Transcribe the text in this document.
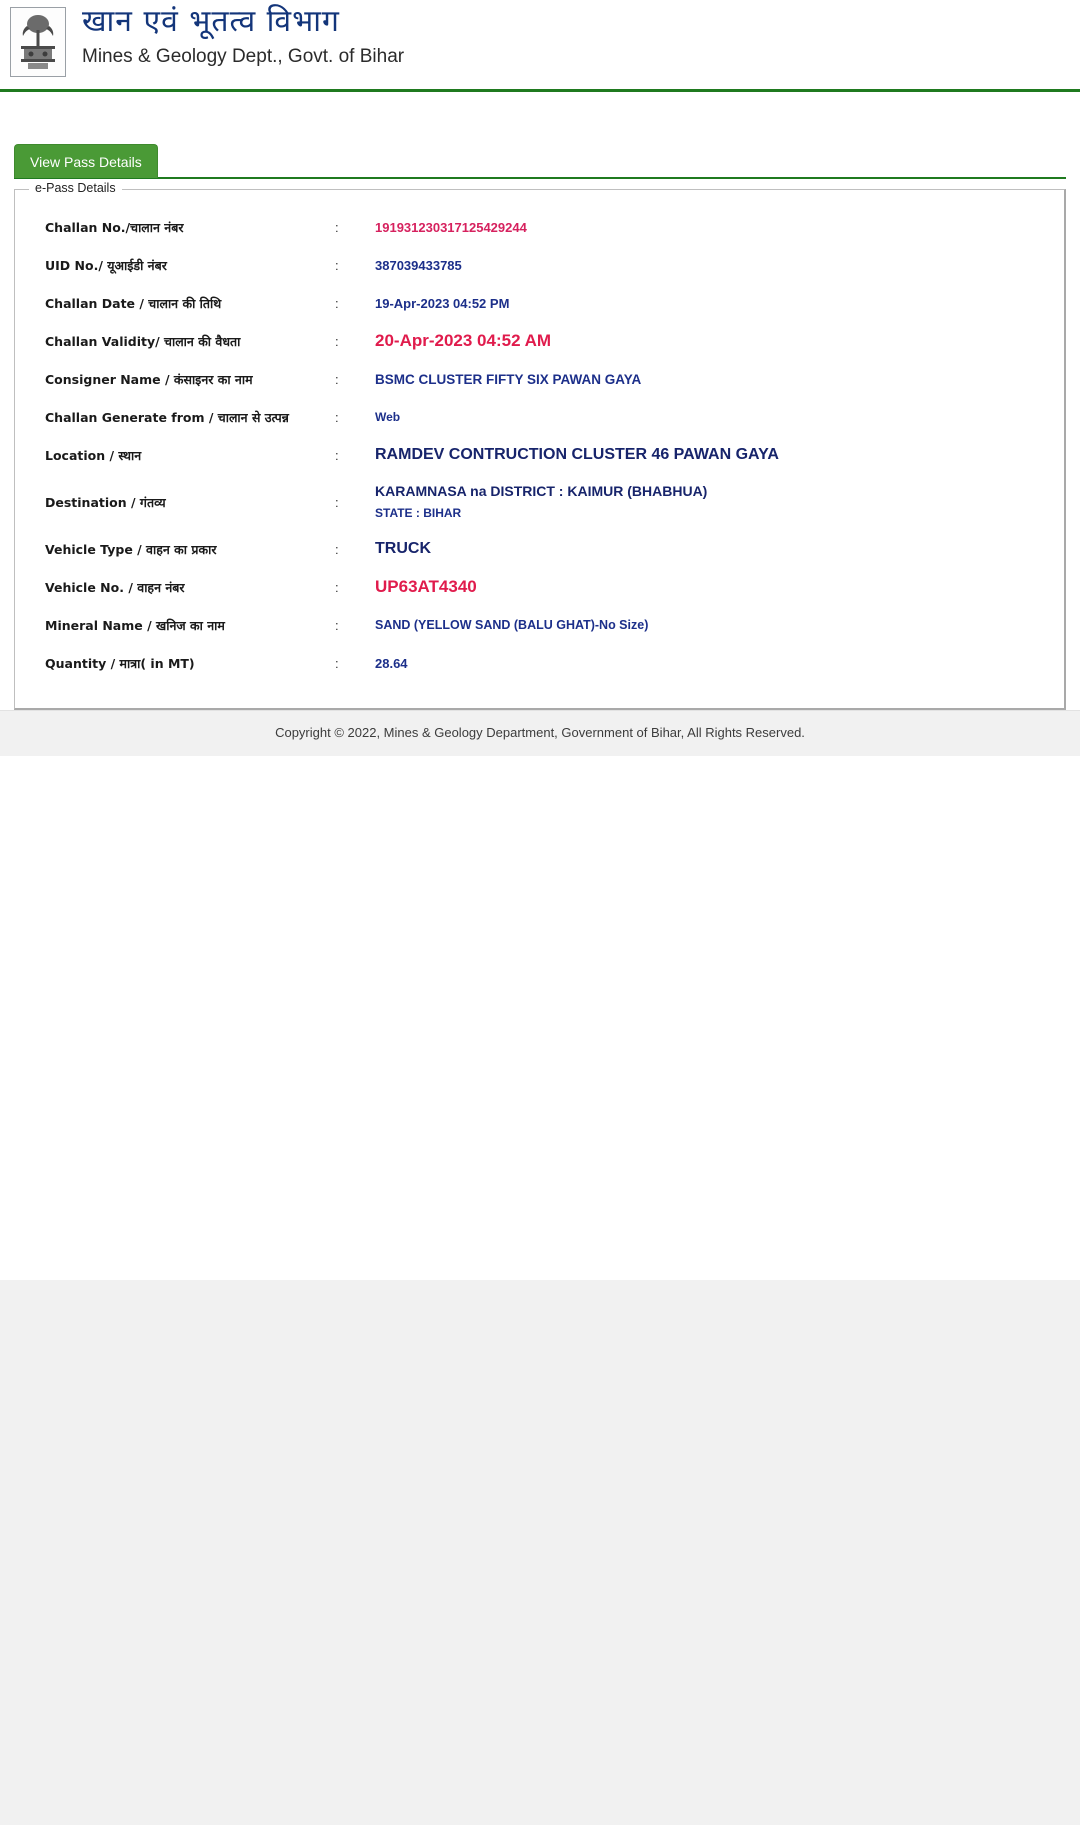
खान एवं भूतत्व विभाग
Mines & Geology Dept., Govt. of Bihar
View Pass Details
e-Pass Details
Challan No./चालान नंबर	:	191931230317125429244
UID No./ यूआईडी नंबर	:	387039433785
Challan Date / चालान की तिथि	:	19-Apr-2023 04:52 PM
Challan Validity/ चालान की वैधता	:	20-Apr-2023 04:52 AM
Consigner Name / कंसाइनर का नाम	:	BSMC CLUSTER FIFTY SIX PAWAN GAYA
Challan Generate from / चालान से उत्पन्न	:	Web
Location / स्थान	:	RAMDEV CONTRUCTION CLUSTER 46 PAWAN GAYA
Destination / गंतव्य	:	KARAMNASA na DISTRICT : KAIMUR (BHABHUA)
STATE : BIHAR

Vehicle Type / वाहन का प्रकार	:	TRUCK
Vehicle No. / वाहन नंबर	:	UP63AT4340
Mineral Name / खनिज का नाम	:	SAND (YELLOW SAND (BALU GHAT)-No Size)
Quantity / मात्रा( in MT)	:	28.64
Copyright © 2022, Mines & Geology Department, Government of Bihar, All Rights Reserved.
